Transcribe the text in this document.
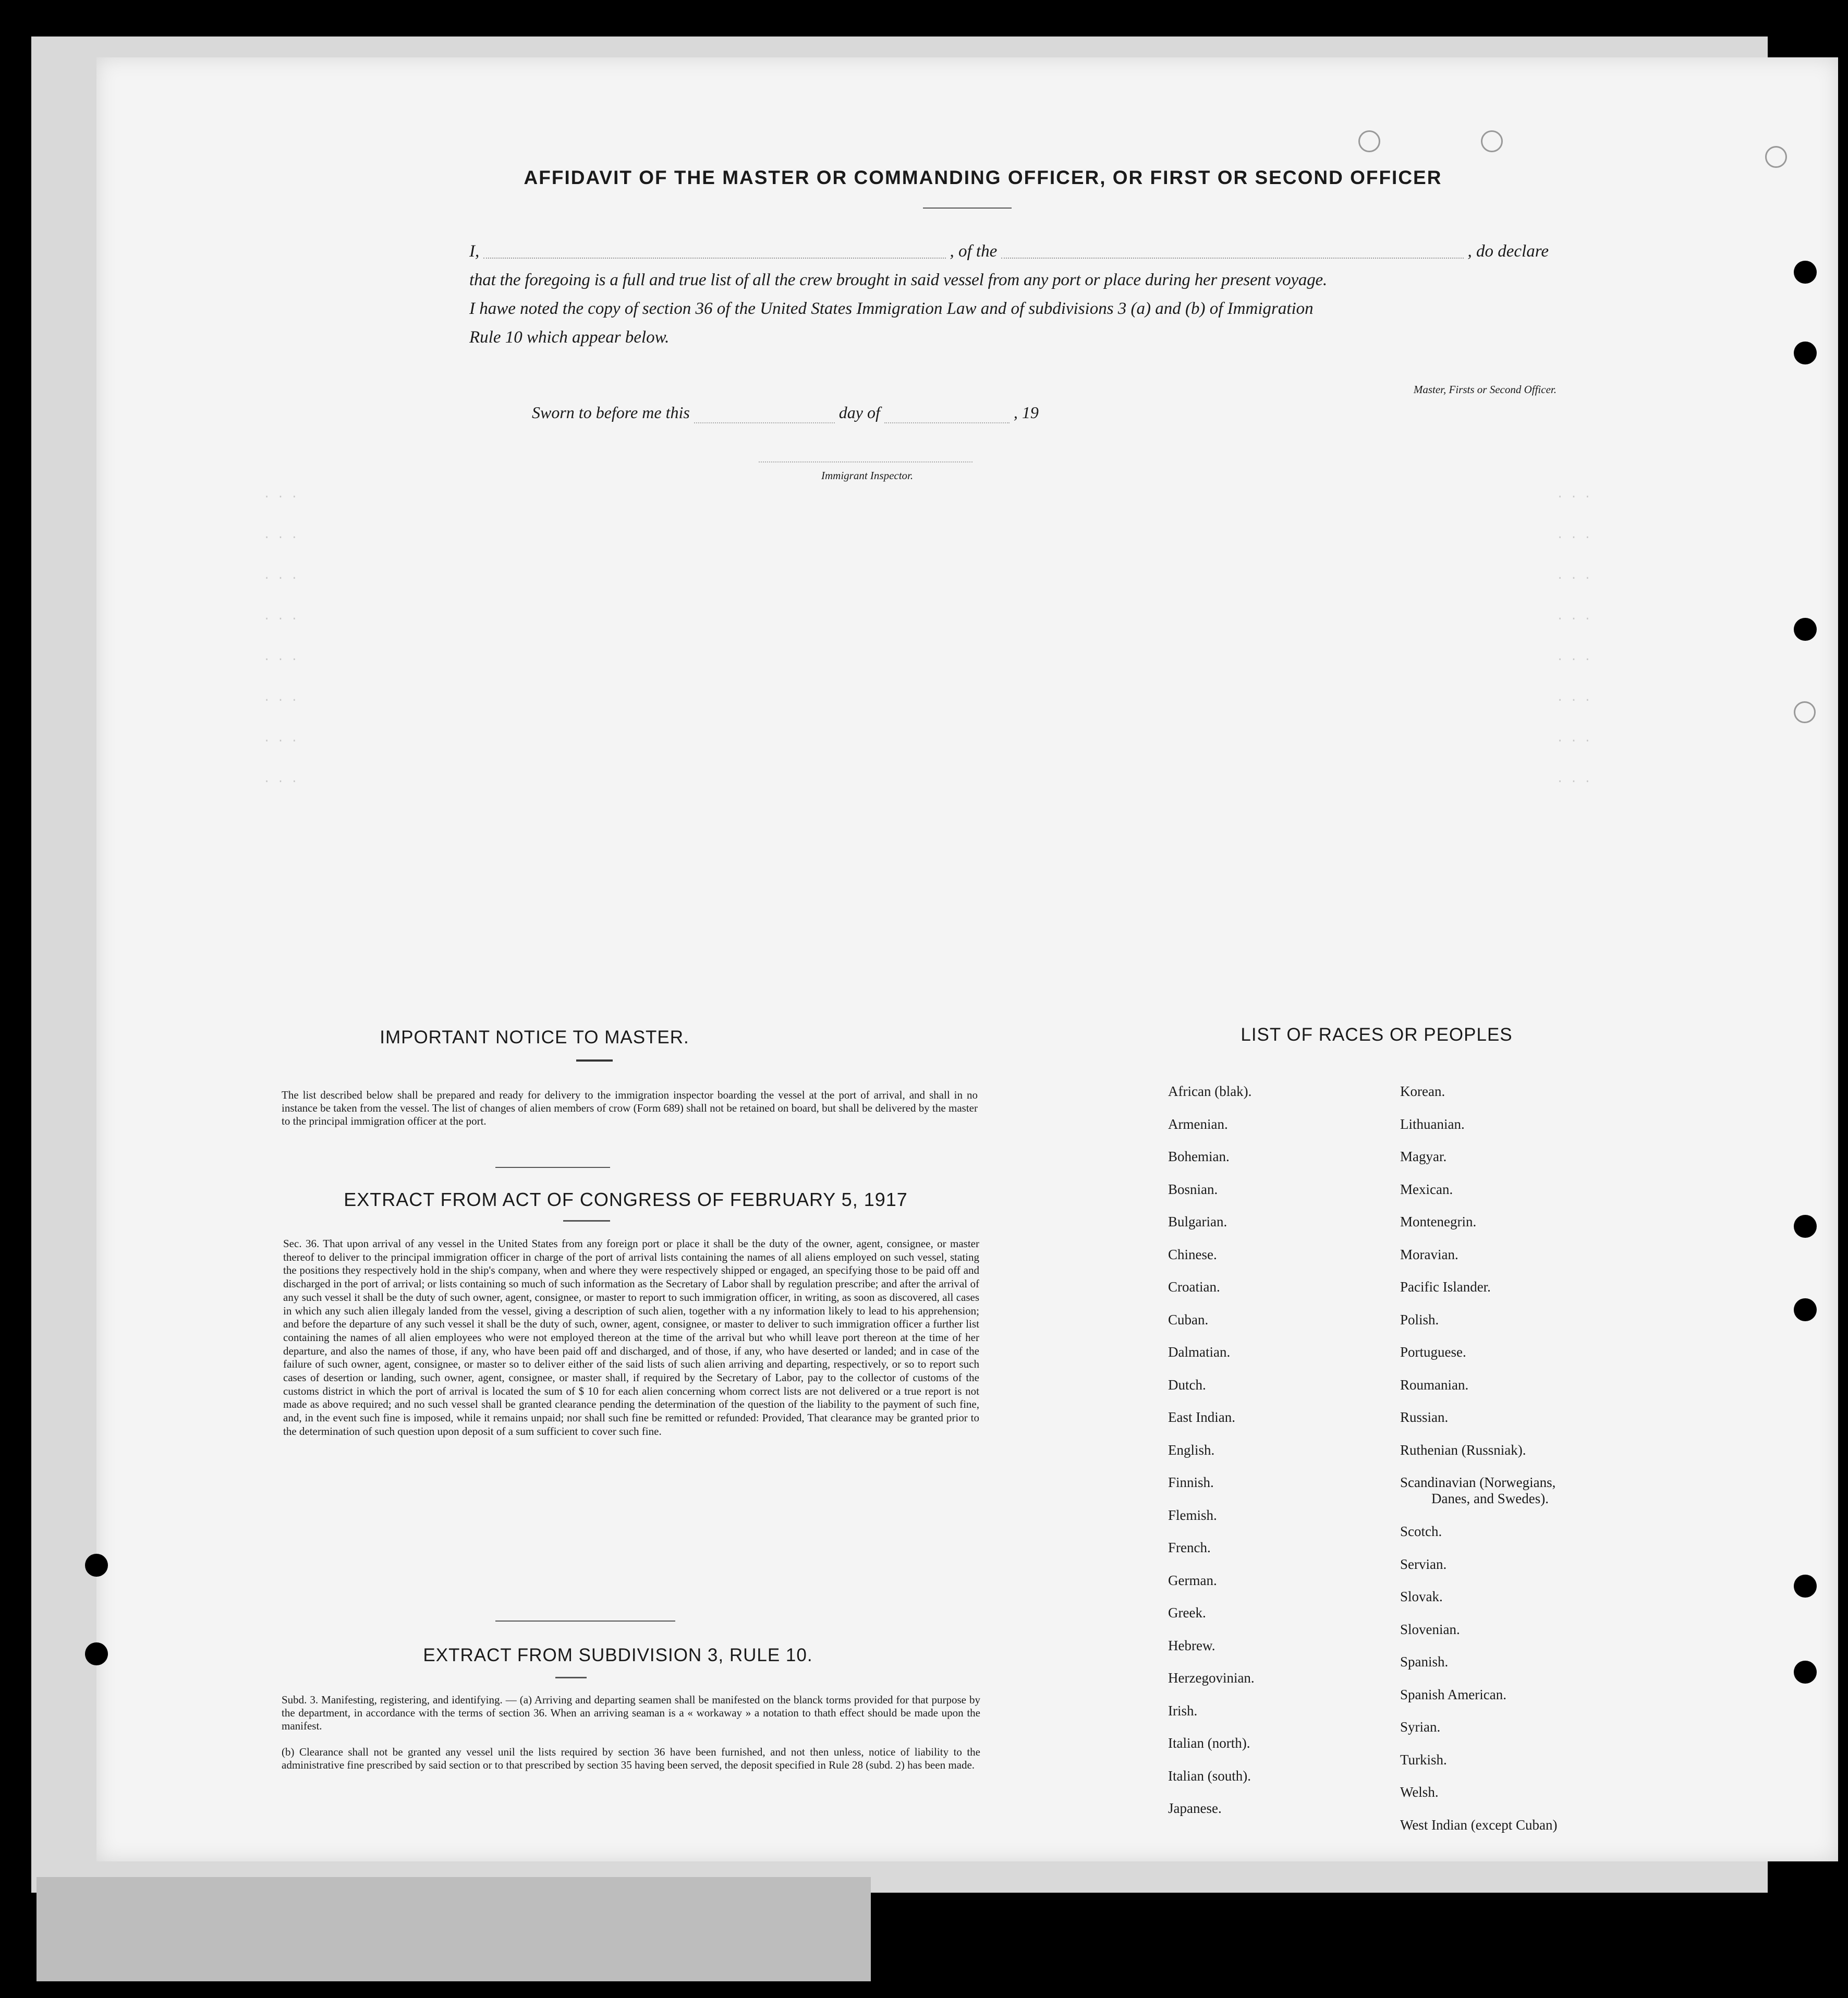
. . .
. . .
. . .
. . .
. . .
. . .
. . .
. . .
. . .
. . .
. . .
. . .
. . .
. . .
. . .
. . .
AFFIDAVIT OF THE MASTER OR COMMANDING OFFICER, OR FIRST OR SECOND OFFICER
I,	, of the	, do declare
that the foregoing is a full and true list of all the crew brought in said vessel from any port or place during her present voyage.
I hawe noted the copy of section 36 of the United States Immigration Law and of subdivisions 3 (a) and (b) of Immigration
Rule 10 which appear below.
Master, Firsts or Second Officer.
Sworn to before me this	day of	, 19
Immigrant Inspector.
IMPORTANT NOTICE TO MASTER.
The list described below shall be prepared and ready for delivery to the immigration inspector boarding the vessel at the port of arrival, and shall in no instance be taken from the vessel. The list of changes of alien members of crow (Form 689) shall not be retained on board, but shall be delivered by the master to the principal immigration officer at the port.
EXTRACT FROM ACT OF CONGRESS OF FEBRUARY 5, 1917
Sec. 36. That upon arrival of any vessel in the United States from any foreign port or place it shall be the duty of the owner, agent, consignee, or master thereof to deliver to the principal immigration officer in charge of the port of arrival lists containing the names of all aliens employed on such vessel, stating the positions they respectively hold in the ship's company, when and where they were respectively shipped or engaged, an specifying those to be paid off and discharged in the port of arrival; or lists containing so much of such information as the Secretary of Labor shall by regulation prescribe; and after the arrival of any such vessel it shall be the duty of such owner, agent, consignee, or master to report to such immigration officer, in writing, as soon as discovered, all cases in which any such alien illegaly landed from the vessel, giving a description of such alien, together with a ny information likely to lead to his apprehension; and before the departure of any such vessel it shall be the duty of such, owner, agent, consignee, or master to deliver to such immigration officer a further list containing the names of all alien employees who were not employed thereon at the time of the arrival but who whill leave port thereon at the time of her departure, and also the names of those, if any, who have been paid off and discharged, and of those, if any, who have deserted or landed; and in case of the failure of such owner, agent, consignee, or master so to deliver either of the said lists of such alien arriving and departing, respectively, or so to report such cases of desertion or landing, such owner, agent, consignee, or master shall, if required by the Secretary of Labor, pay to the collector of customs of the customs district in which the port of arrival is located the sum of $ 10 for each alien concerning whom correct lists are not delivered or a true report is not made as above required; and no such vessel shall be granted clearance pending the determination of the question of the liability to the payment of such fine, and, in the event such fine is imposed, while it remains unpaid; nor shall such fine be remitted or refunded: Provided, That clearance may be granted prior to the determination of such question upon deposit of a sum sufficient to cover such fine.
EXTRACT FROM SUBDIVISION 3, RULE 10.
Subd. 3. Manifesting, registering, and identifying. — (a) Arriving and departing seamen shall be manifested on the blanck torms provided for that purpose by the department, in accordance with the terms of section 36. When an arriving seaman is a « workaway » a notation to thath effect should be made upon the manifest.
(b) Clearance shall not be granted any vessel unil the lists required by section 36 have been furnished, and not then unless, notice of liability to the administrative fine prescribed by said section or to that prescribed by section 35 having been served, the deposit specified in Rule 28 (subd. 2) has been made.
LIST OF RACES OR PEOPLES
African (blak).
Armenian.
Bohemian.
Bosnian.
Bulgarian.
Chinese.
Croatian.
Cuban.
Dalmatian.
Dutch.
East Indian.
English.
Finnish.
Flemish.
French.
German.
Greek.
Hebrew.
Herzegovinian.
Irish.
Italian (north).
Italian (south).
Japanese.
Korean.
Lithuanian.
Magyar.
Mexican.
Montenegrin.
Moravian.
Pacific Islander.
Polish.
Portuguese.
Roumanian.
Russian.
Ruthenian (Russniak).
Scandinavian (Norwegians,
Danes, and Swedes).
Scotch.
Servian.
Slovak.
Slovenian.
Spanish.
Spanish American.
Syrian.
Turkish.
Welsh.
West Indian (except Cuban)
